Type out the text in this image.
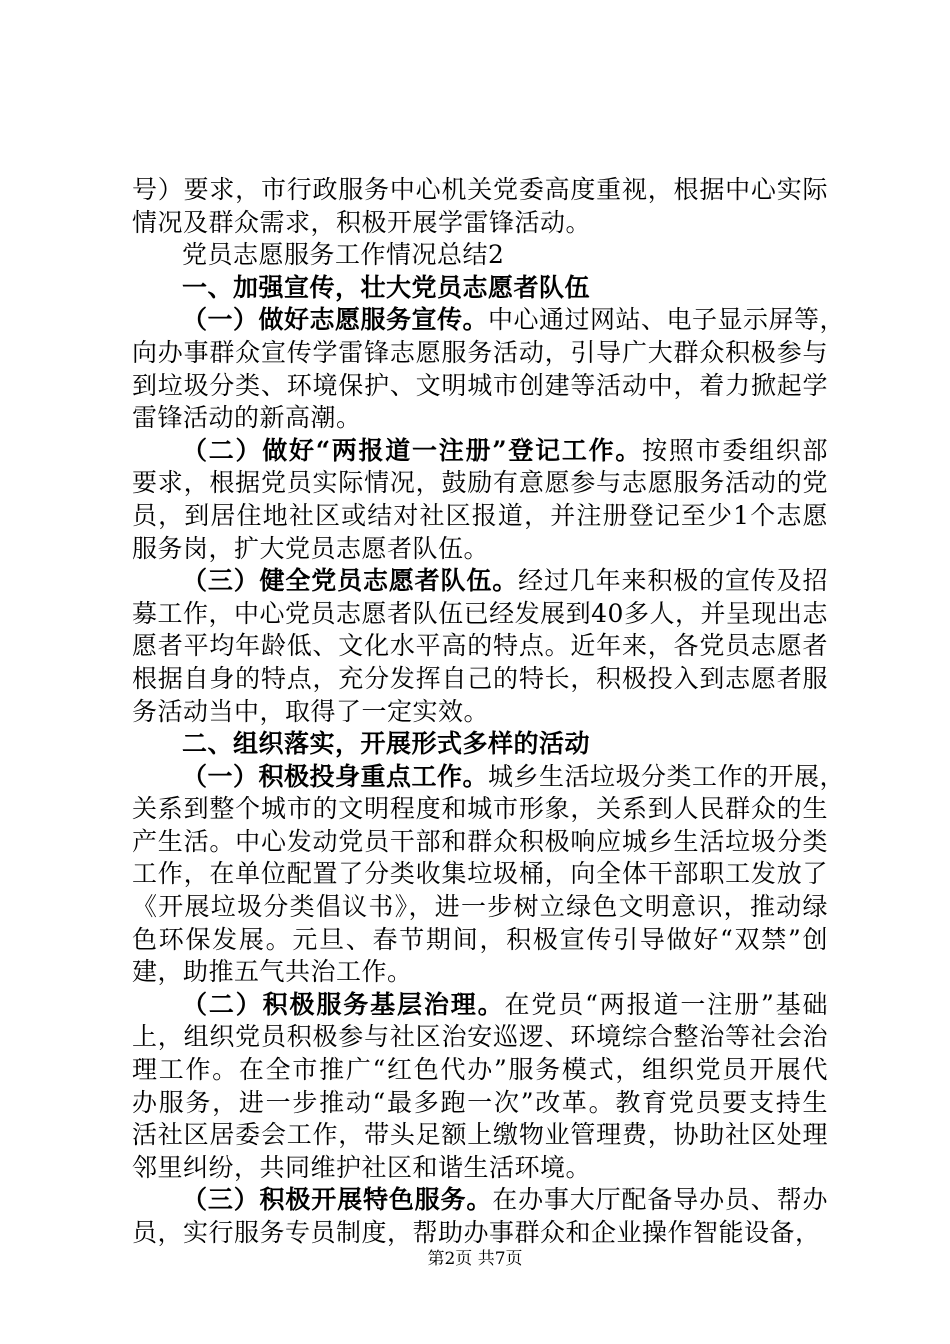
号）要求，市行政服务中心机关党委高度重视，根据中心实际
情况及群众需求，积极开展学雷锋活动。
党员志愿服务工作情况总结2
一、加强宣传，壮大党员志愿者队伍
（一）做好志愿服务宣传。中心通过网站、电子显示屏等，
向办事群众宣传学雷锋志愿服务活动，引导广大群众积极参与
到垃圾分类、环境保护、文明城市创建等活动中，着力掀起学
雷锋活动的新高潮。
（二）做好“两报道一注册”登记工作。按照市委组织部
要求，根据党员实际情况，鼓励有意愿参与志愿服务活动的党
员，到居住地社区或结对社区报道，并注册登记至少1个志愿
服务岗，扩大党员志愿者队伍。
（三）健全党员志愿者队伍。经过几年来积极的宣传及招
募工作，中心党员志愿者队伍已经发展到40多人，并呈现出志
愿者平均年龄低、文化水平高的特点。近年来，各党员志愿者
根据自身的特点，充分发挥自己的特长，积极投入到志愿者服
务活动当中，取得了一定实效。
二、组织落实，开展形式多样的活动
（一）积极投身重点工作。城乡生活垃圾分类工作的开展，
关系到整个城市的文明程度和城市形象，关系到人民群众的生
产生活。中心发动党员干部和群众积极响应城乡生活垃圾分类
工作，在单位配置了分类收集垃圾桶，向全体干部职工发放了
《开展垃圾分类倡议书》，进一步树立绿色文明意识，推动绿
色环保发展。元旦、春节期间，积极宣传引导做好“双禁”创
建，助推五气共治工作。
（二）积极服务基层治理。在党员“两报道一注册”基础
上，组织党员积极参与社区治安巡逻、环境综合整治等社会治
理工作。在全市推广“红色代办”服务模式，组织党员开展代
办服务，进一步推动“最多跑一次”改革。教育党员要支持生
活社区居委会工作，带头足额上缴物业管理费，协助社区处理
邻里纠纷，共同维护社区和谐生活环境。
（三）积极开展特色服务。在办事大厅配备导办员、帮办
员，实行服务专员制度，帮助办事群众和企业操作智能设备，
第2页 共7页
